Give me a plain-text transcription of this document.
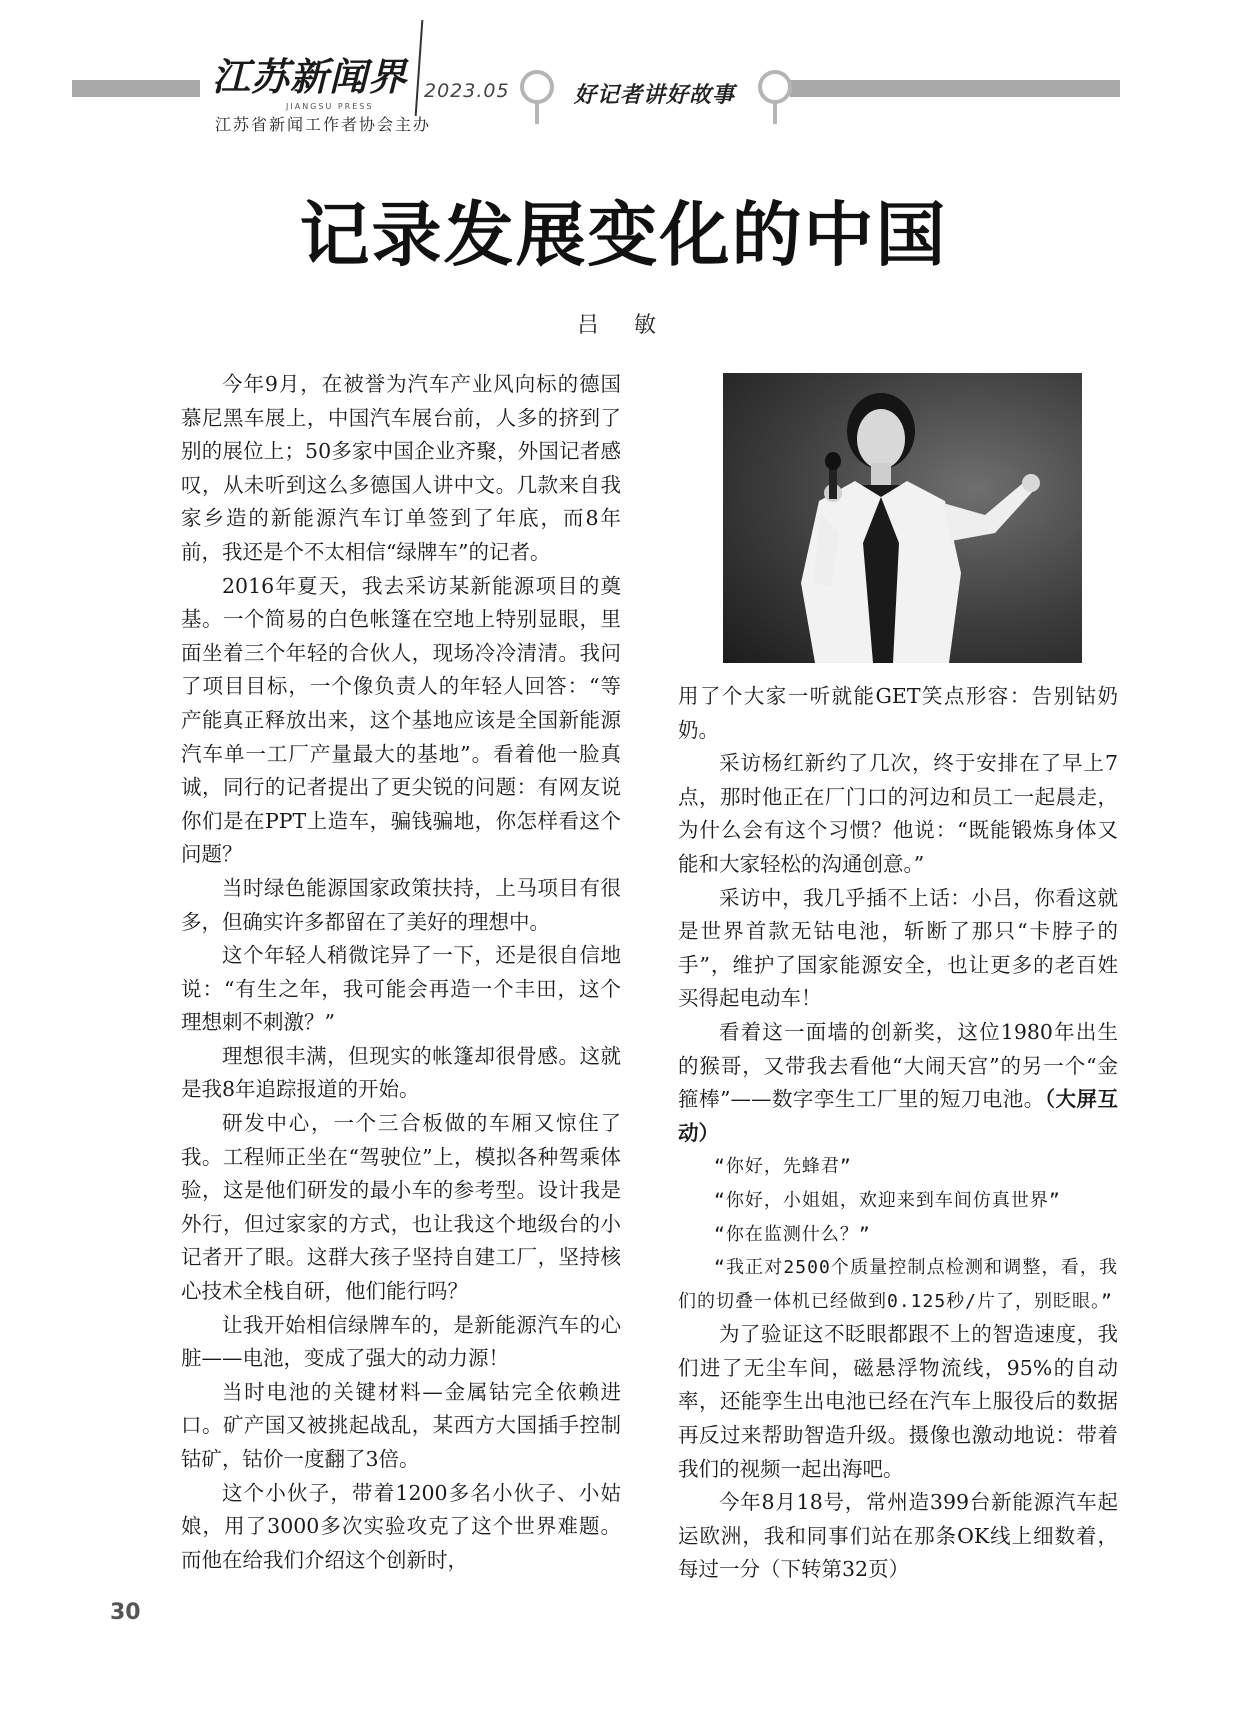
江苏新闻界
JIANGSU PRESS
2023.05
江苏省新闻工作者协会主办
好记者讲好故事
记录发展变化的中国
吕 敏

今年9月，在被誉为汽车产业风向标的德国慕尼黑车展上，中国汽车展台前，人多的挤到了别的展位上；50多家中国企业齐聚，外国记者感叹，从未听到这么多德国人讲中文。几款来自我家乡造的新能源汽车订单签到了年底，而8年前，我还是个不太相信“绿牌车”的记者。

2016年夏天，我去采访某新能源项目的奠基。一个简易的白色帐篷在空地上特别显眼，里面坐着三个年轻的合伙人，现场冷冷清清。我问了项目目标，一个像负责人的年轻人回答：“等产能真正释放出来，这个基地应该是全国新能源汽车单一工厂产量最大的基地”。看着他一脸真诚，同行的记者提出了更尖锐的问题：有网友说你们是在PPT上造车，骗钱骗地，你怎样看这个问题？

当时绿色能源国家政策扶持，上马项目有很多，但确实许多都留在了美好的理想中。

这个年轻人稍微诧异了一下，还是很自信地说：“有生之年，我可能会再造一个丰田，这个理想刺不刺激？”

理想很丰满，但现实的帐篷却很骨感。这就是我8年追踪报道的开始。

研发中心，一个三合板做的车厢又惊住了我。工程师正坐在“驾驶位”上，模拟各种驾乘体验，这是他们研发的最小车的参考型。设计我是外行，但过家家的方式，也让我这个地级台的小记者开了眼。这群大孩子坚持自建工厂，坚持核心技术全栈自研，他们能行吗？

让我开始相信绿牌车的，是新能源汽车的心脏——电池，变成了强大的动力源！

当时电池的关键材料—金属钴完全依赖进口。矿产国又被挑起战乱，某西方大国插手控制钴矿，钴价一度翻了3倍。

这个小伙子，带着1200多名小伙子、小姑娘，用了3000多次实验攻克了这个世界难题。而他在给我们介绍这个创新时，

用了个大家一听就能GET笑点形容：告别钴奶奶。

采访杨红新约了几次，终于安排在了早上7点，那时他正在厂门口的河边和员工一起晨走，为什么会有这个习惯？他说：“既能锻炼身体又能和大家轻松的沟通创意。”

采访中，我几乎插不上话：小吕，你看这就是世界首款无钴电池，斩断了那只“卡脖子的手”，维护了国家能源安全，也让更多的老百姓买得起电动车！

看着这一面墙的创新奖，这位1980年出生的猴哥，又带我去看他“大闹天宫”的另一个“金箍棒”——数字孪生工厂里的短刀电池。（大屏互动）

“你好，先蜂君”

“你好，小姐姐，欢迎来到车间仿真世界”

“你在监测什么？”

“我正对2500个质量控制点检测和调整，看，我们的切叠一体机已经做到0.125秒/片了，别眨眼。”

为了验证这不眨眼都跟不上的智造速度，我们进了无尘车间，磁悬浮物流线，95%的自动率，还能孪生出电池已经在汽车上服役后的数据再反过来帮助智造升级。摄像也激动地说：带着我们的视频一起出海吧。

今年8月18号，常州造399台新能源汽车起运欧洲，我和同事们站在那条OK线上细数着，每过一分（下转第32页）

30
